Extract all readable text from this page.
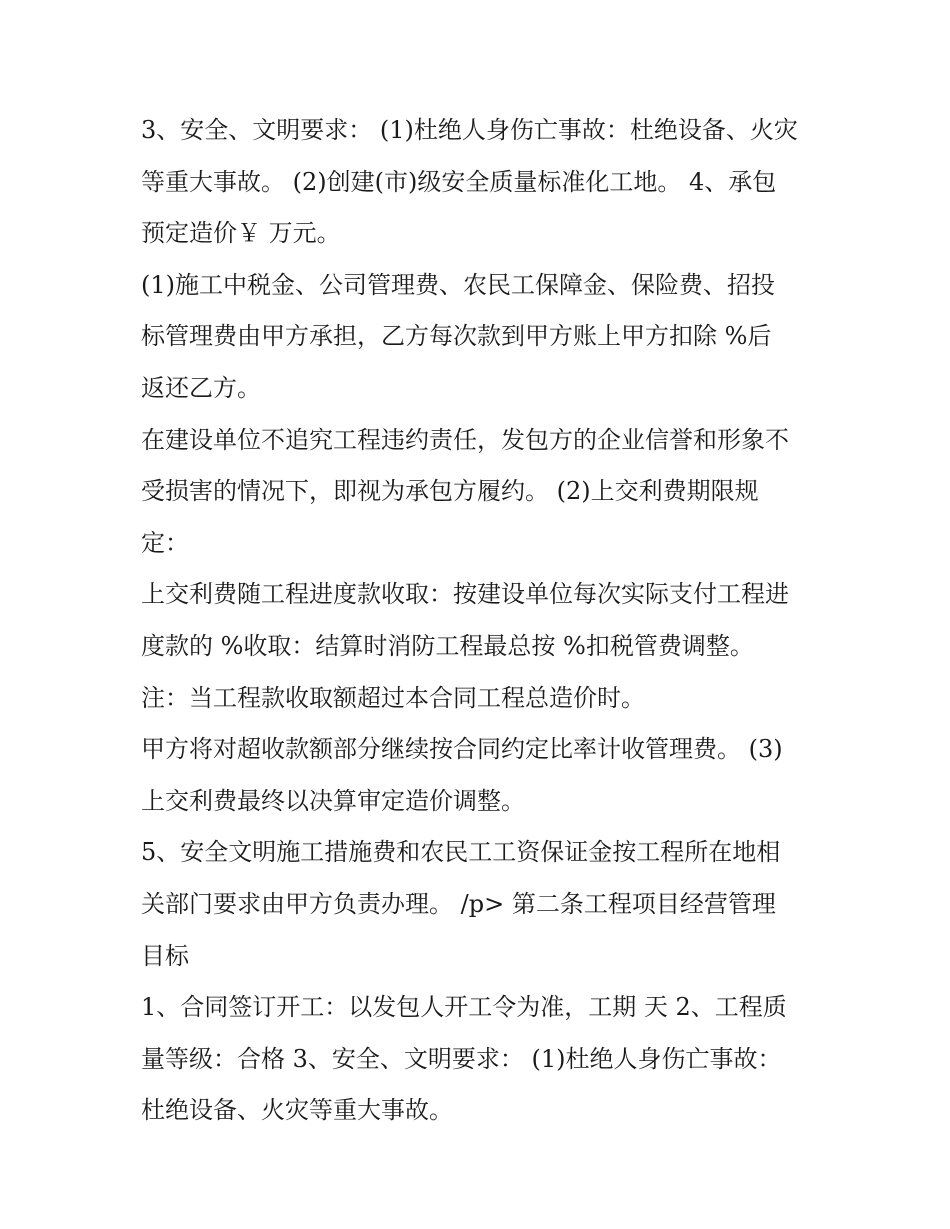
3、安全、文明要求： (1)杜绝人身伤亡事故：杜绝设备、火灾
等重大事故。 (2)创建(市)级安全质量标准化工地。 4、承包
预定造价￥ 万元。

(1)施工中税金、公司管理费、农民工保障金、保险费、招投
标管理费由甲方承担，乙方每次款到甲方账上甲方扣除 %后
返还乙方。

在建设单位不追究工程违约责任，发包方的企业信誉和形象不
受损害的情况下，即视为承包方履约。 (2)上交利费期限规
定：

上交利费随工程进度款收取：按建设单位每次实际支付工程进
度款的 %收取：结算时消防工程最总按 %扣税管费调整。

注：当工程款收取额超过本合同工程总造价时。

甲方将对超收款额部分继续按合同约定比率计收管理费。 (3)
上交利费最终以决算审定造价调整。

5、安全文明施工措施费和农民工工资保证金按工程所在地相
关部门要求由甲方负责办理。 /p> 第二条工程项目经营管理
目标

1、合同签订开工：以发包人开工令为准，工期 天 2、工程质
量等级：合格 3、安全、文明要求： (1)杜绝人身伤亡事故：
杜绝设备、火灾等重大事故。
